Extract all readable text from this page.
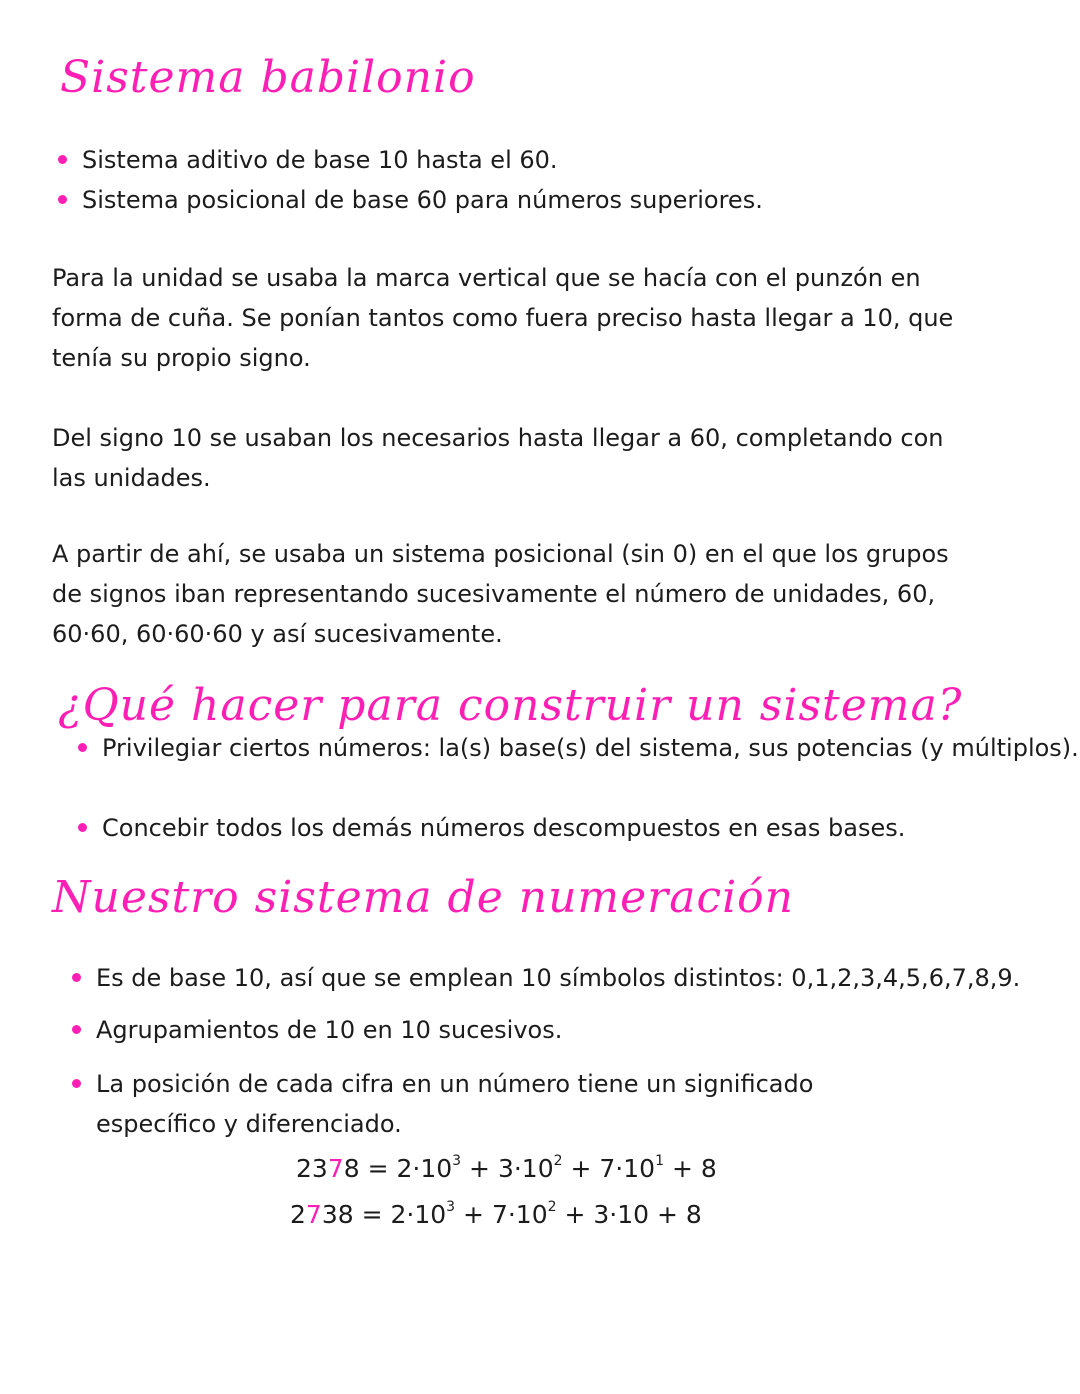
Sistema babilonio
Sistema aditivo de base 10 hasta el 60.
Sistema posicional de base 60 para números superiores.
Para la unidad se usaba la marca vertical que se hacía con el punzón en forma de cuña. Se ponían tantos como fuera preciso hasta llegar a 10, que tenía su propio signo.
Del signo 10 se usaban los necesarios hasta llegar a 60, completando con las unidades.
A partir de ahí, se usaba un sistema posicional (sin 0) en el que los grupos de signos iban representando sucesivamente el número de unidades, 60, 60·60, 60·60·60 y así sucesivamente.
¿Qué hacer para construir un sistema?
Privilegiar ciertos números: la(s) base(s) del sistema, sus potencias (y múltiplos).
Concebir todos los demás números descompuestos en esas bases.
Nuestro sistema de numeración
Es de base 10, así que se emplean 10 símbolos distintos: 0,1,2,3,4,5,6,7,8,9.
Agrupamientos de 10 en 10 sucesivos.
La posición de cada cifra en un número tiene un significado específico y diferenciado.
$2378 = 2\cdot 10^3 + 3\cdot 10^2 + 7\cdot 10^1 + 8$
$2738 = 2\cdot 10^3 + 7\cdot 10^2 + 3\cdot 10 + 8$
